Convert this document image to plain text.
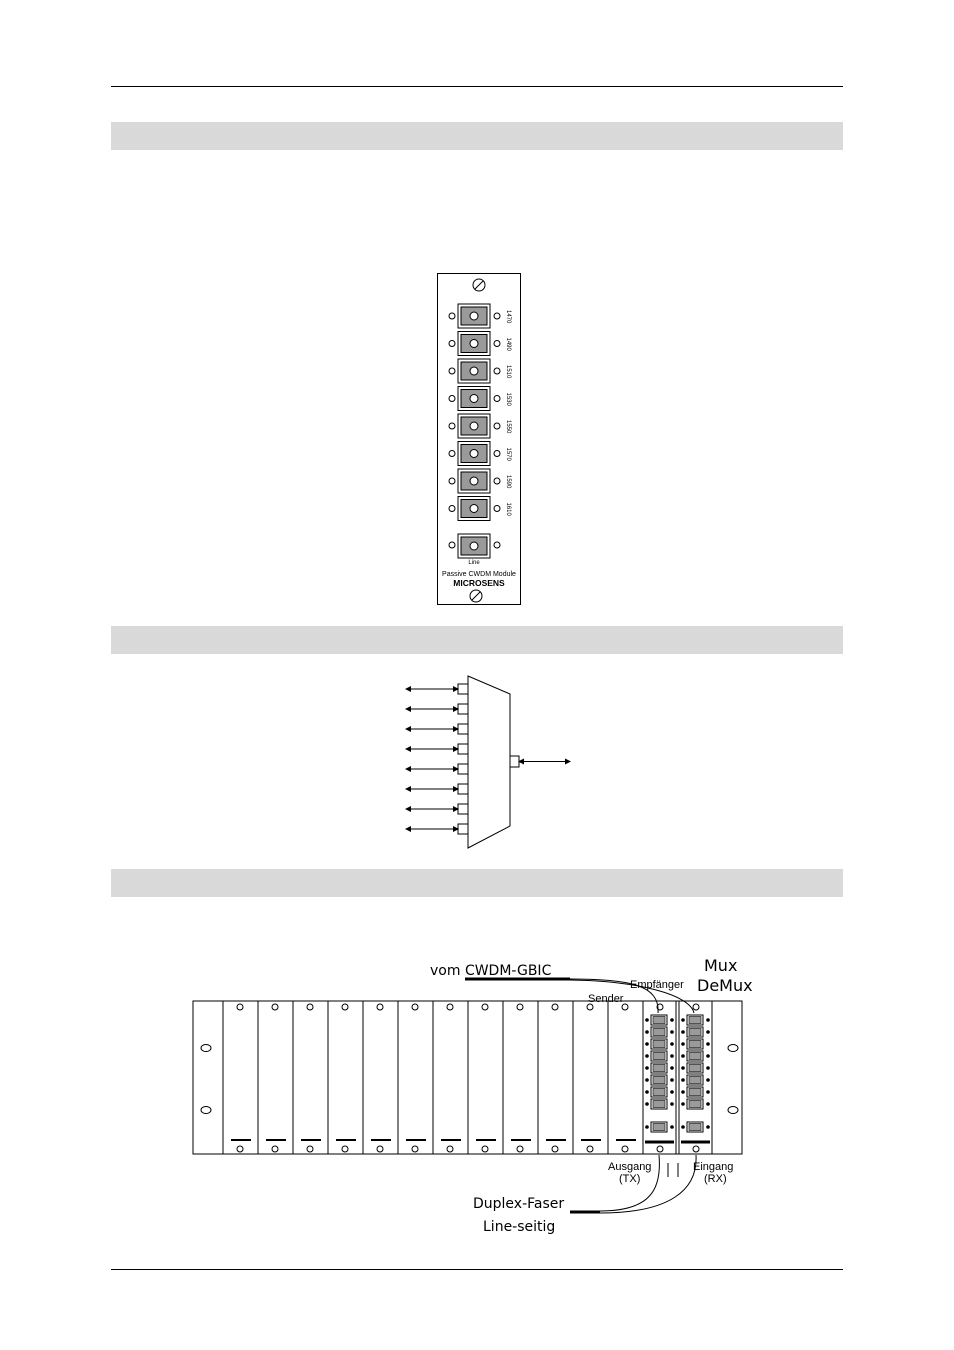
1470
1490
1510
1530
1550
1570
1590
1610
Line
Passive CWDM Module
MICROSENS
vom CWDM-GBIC
Empfänger
Sender
Mux
DeMux
Ausgang
(TX)
Eingang
(RX)
Duplex-Faser
Line-seitig
